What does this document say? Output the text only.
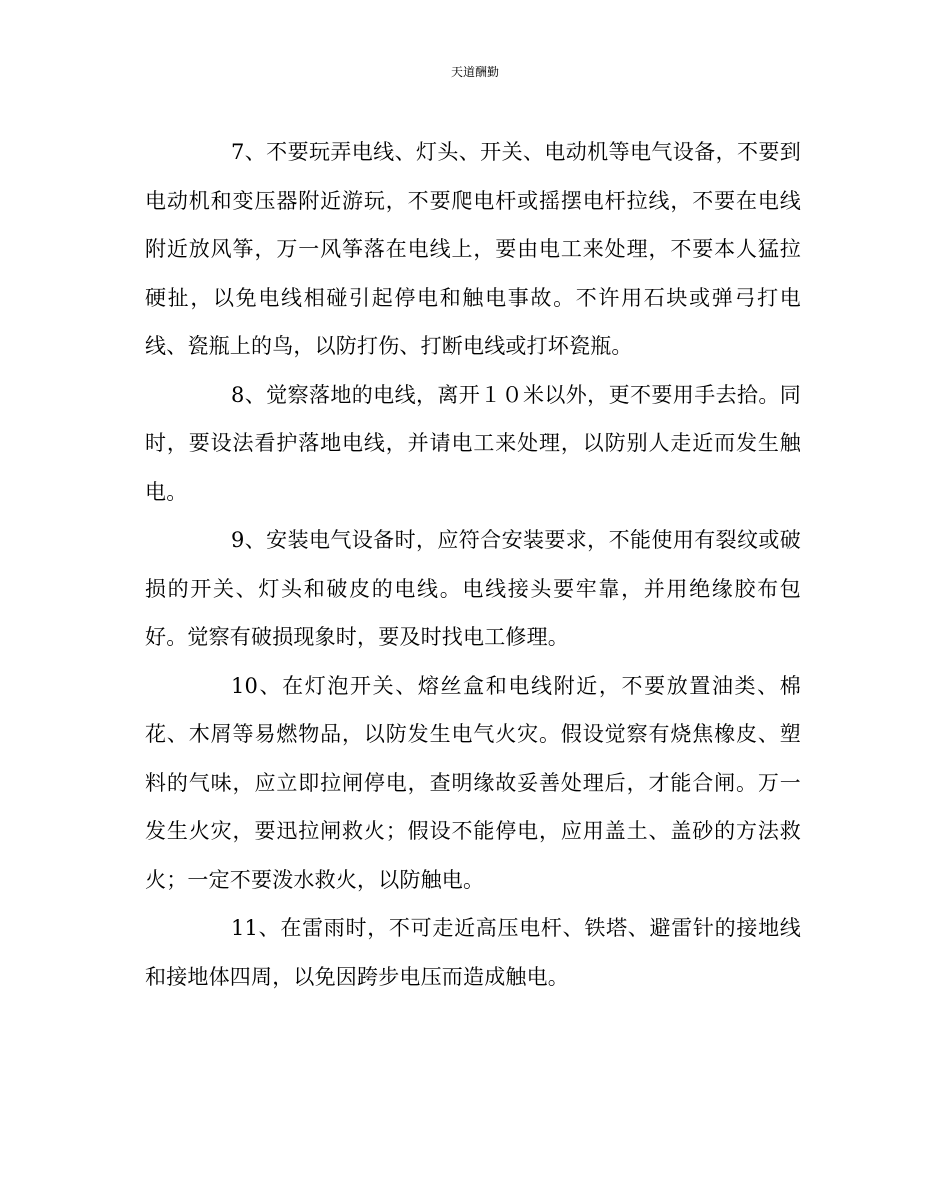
天道酬勤

7、不要玩弄电线、灯头、开关、电动机等电气设备，不要到电动机和变压器附近游玩，不要爬电杆或摇摆电杆拉线，不要在电线附近放风筝，万一风筝落在电线上，要由电工来处理，不要本人猛拉硬扯，以免电线相碰引起停电和触电事故。不许用石块或弹弓打电线、瓷瓶上的鸟，以防打伤、打断电线或打坏瓷瓶。

8、觉察落地的电线，离开１０米以外，更不要用手去拾。同时，要设法看护落地电线，并请电工来处理，以防别人走近而发生触电。

9、安装电气设备时，应符合安装要求，不能使用有裂纹或破损的开关、灯头和破皮的电线。电线接头要牢靠，并用绝缘胶布包好。觉察有破损现象时，要及时找电工修理。

10、在灯泡开关、熔丝盒和电线附近，不要放置油类、棉花、木屑等易燃物品，以防发生电气火灾。假设觉察有烧焦橡皮、塑料的气味，应立即拉闸停电，查明缘故妥善处理后，才能合闸。万一发生火灾，要迅拉闸救火；假设不能停电，应用盖土、盖砂的方法救火；一定不要泼水救火，以防触电。

11、在雷雨时，不可走近高压电杆、铁塔、避雷针的接地线和接地体四周，以免因跨步电压而造成触电。
